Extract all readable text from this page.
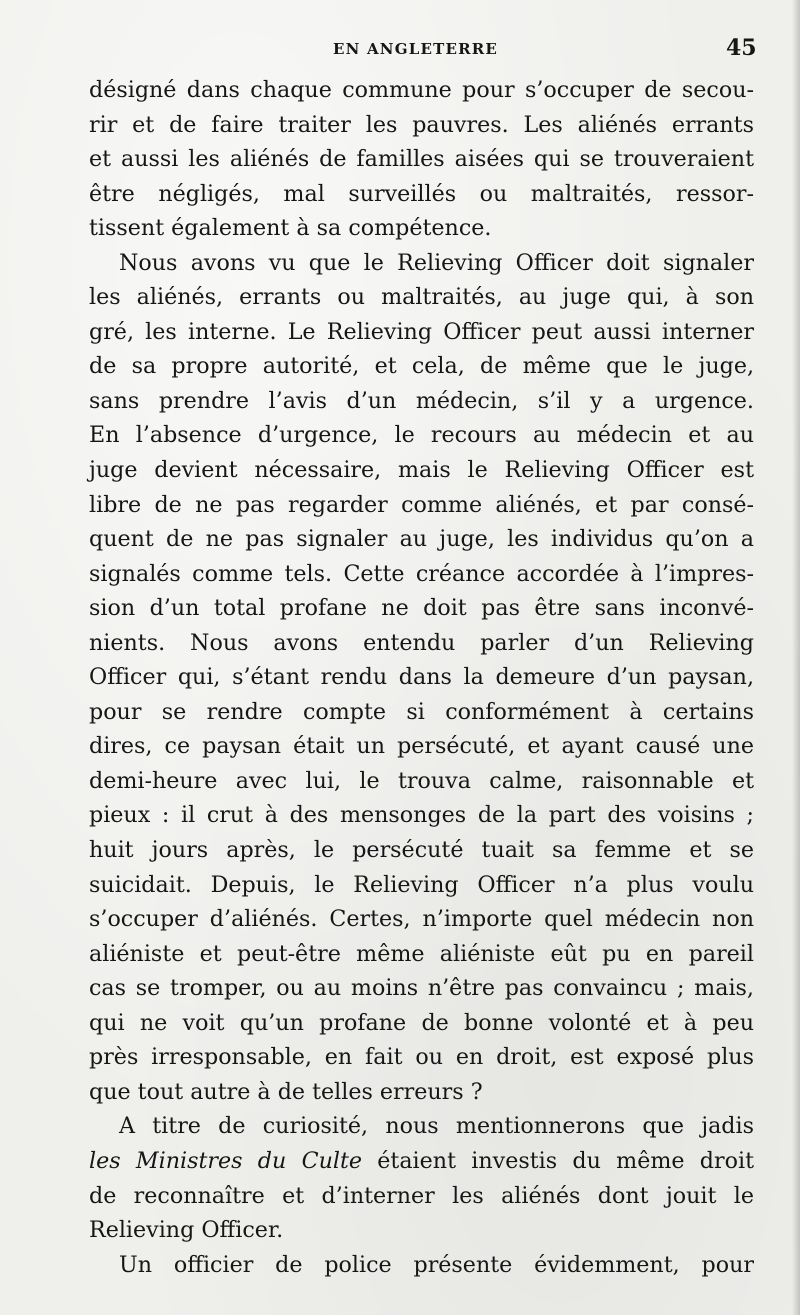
EN ANGLETERRE	45
désigné dans chaque commune pour s’occuper de secou-
rir et de faire traiter les pauvres. Les aliénés errants
et aussi les aliénés de familles aisées qui se trouveraient
être négligés, mal surveillés ou maltraités, ressor-
tissent également à sa compétence.
Nous avons vu que le Relieving Officer doit signaler
les aliénés, errants ou maltraités, au juge qui, à son
gré, les interne. Le Relieving Officer peut aussi interner
de sa propre autorité, et cela, de même que le juge,
sans prendre l’avis d’un médecin, s’il y a urgence.
En l’absence d’urgence, le recours au médecin et au
juge devient nécessaire, mais le Relieving Officer est
libre de ne pas regarder comme aliénés, et par consé-
quent de ne pas signaler au juge, les individus qu’on a
signalés comme tels. Cette créance accordée à l’impres-
sion d’un total profane ne doit pas être sans inconvé-
nients. Nous avons entendu parler d’un Relieving
Officer qui, s’étant rendu dans la demeure d’un paysan,
pour se rendre compte si conformément à certains
dires, ce paysan était un persécuté, et ayant causé une
demi-heure avec lui, le trouva calme, raisonnable et
pieux : il crut à des mensonges de la part des voisins ;
huit jours après, le persécuté tuait sa femme et se
suicidait. Depuis, le Relieving Officer n’a plus voulu
s’occuper d’aliénés. Certes, n’importe quel médecin non
aliéniste et peut-être même aliéniste eût pu en pareil
cas se tromper, ou au moins n’être pas convaincu ; mais,
qui ne voit qu’un profane de bonne volonté et à peu
près irresponsable, en fait ou en droit, est exposé plus
que tout autre à de telles erreurs ?
A titre de curiosité, nous mentionnerons que jadis
les Ministres du Culte étaient investis du même droit
de reconnaître et d’interner les aliénés dont jouit le
Relieving Officer.
Un officier de police présente évidemment, pour
